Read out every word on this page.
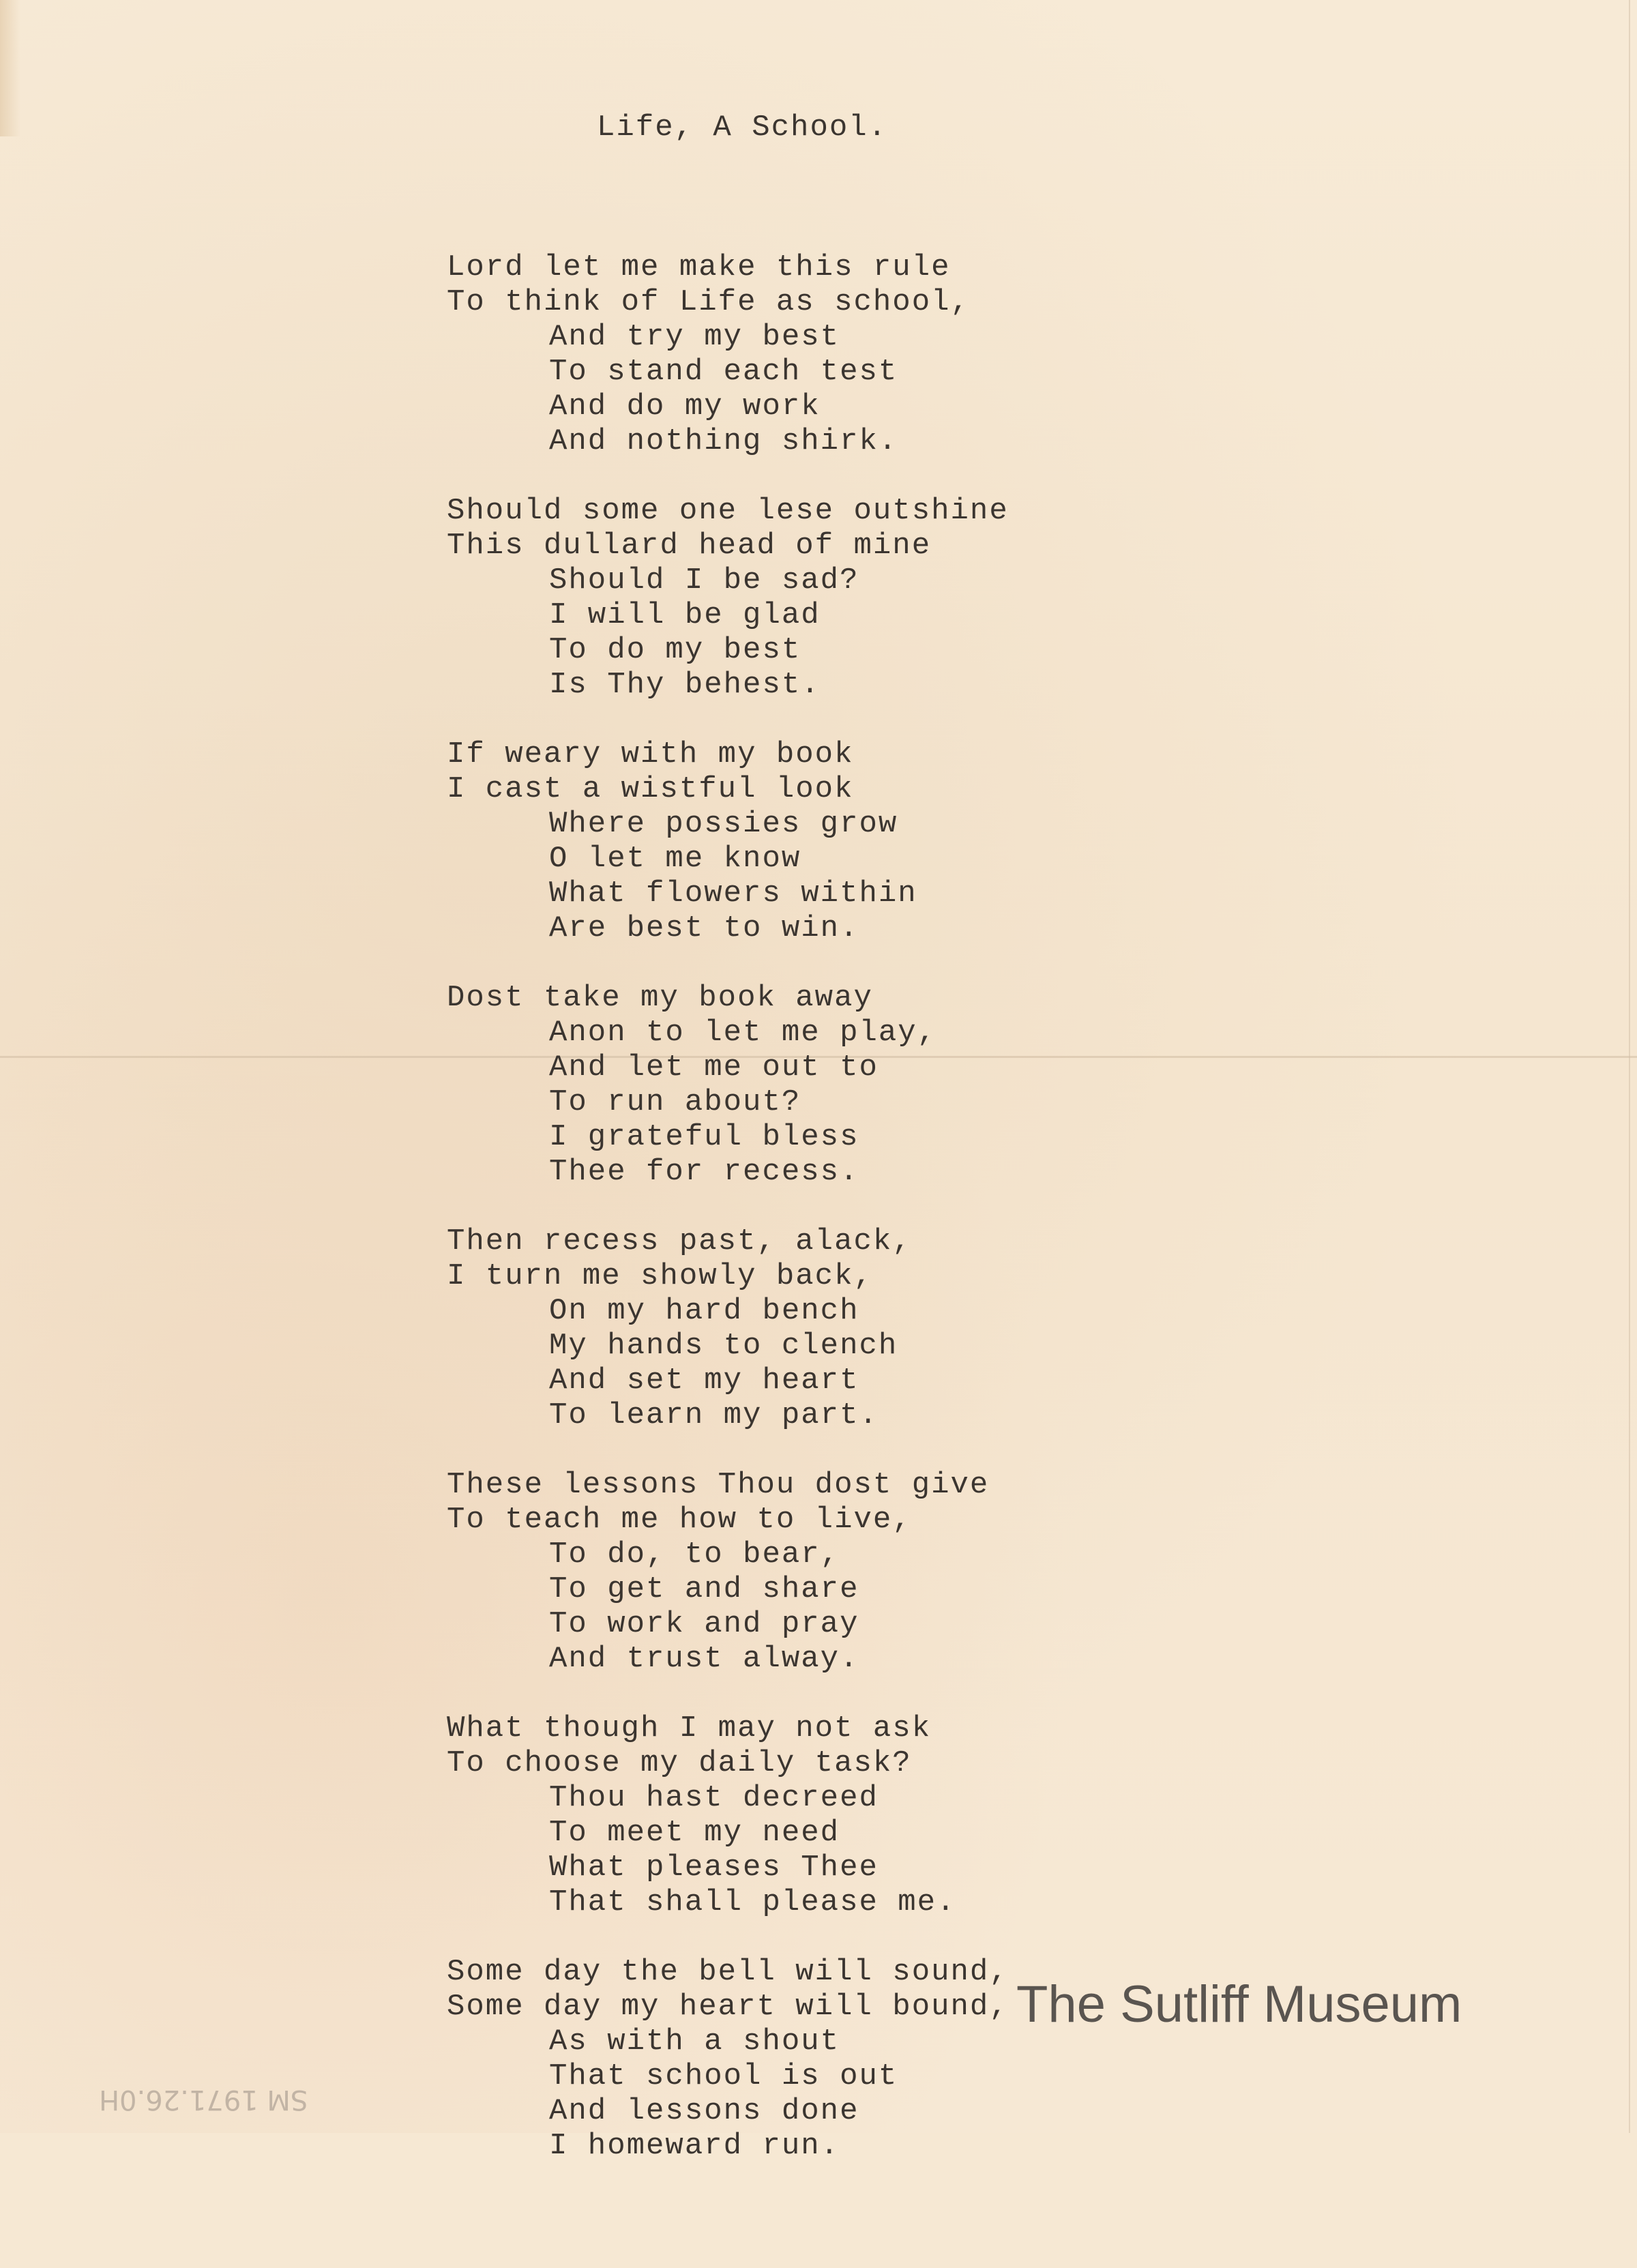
Life, A School.

Lord let me make this rule
To think of Life as school,
And try my best
To stand each test
And do my work
And nothing shirk.
Should some one lese outshine
This dullard head of mine
Should I be sad?
I will be glad
To do my best
Is Thy behest.
If weary with my book
I cast a wistful look
Where possies grow
O let me know
What flowers within
Are best to win.
Dost take my book away
Anon to let me play,
And let me out to
To run about?
I grateful bless
Thee for recess.
Then recess past, alack,
I turn me showly back,
On my hard bench
My hands to clench
And set my heart
To learn my part.
These lessons Thou dost give
To teach me how to live,
To do, to bear,
To get and share
To work and pray
And trust alway.
What though I may not ask
To choose my daily task?
Thou hast decreed
To meet my need
What pleases Thee
That shall please me.
Some day the bell will sound,
Some day my heart will bound,
As with a shout
That school is out
And lessons done
I homeward run.

The Sutliff Museum
SM 1971.26.0H
